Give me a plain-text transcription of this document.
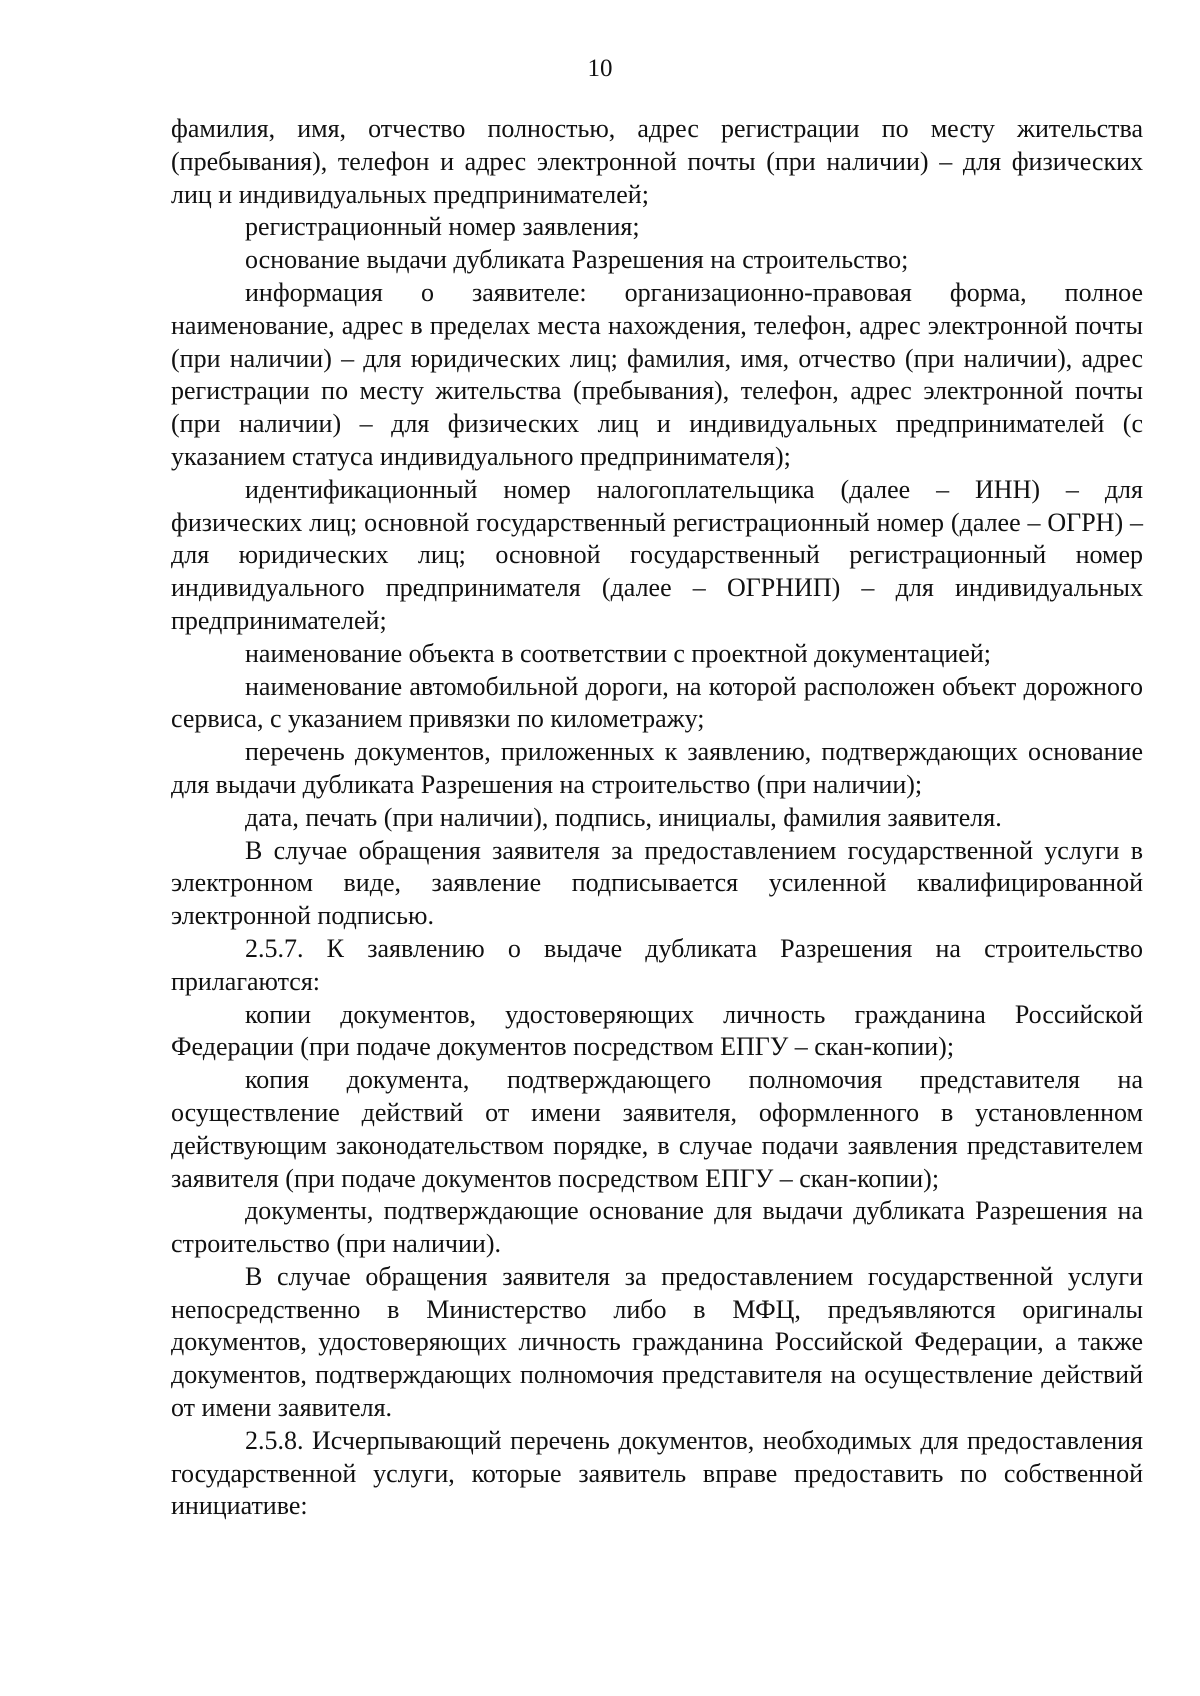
10

фамилия, имя, отчество полностью, адрес регистрации по месту жительства (пребывания), телефон и адрес электронной почты (при наличии) – для физических лиц и индивидуальных предпринимателей;

регистрационный номер заявления;

основание выдачи дубликата Разрешения на строительство;

информация о заявителе: организационно-правовая форма, полное наименование, адрес в пределах места нахождения, телефон, адрес электронной почты (при наличии) – для юридических лиц; фамилия, имя, отчество (при наличии), адрес регистрации по месту жительства (пребывания), телефон, адрес электронной почты (при наличии) – для физических лиц и индивидуальных предпринимателей (с указанием статуса индивидуального предпринимателя);

идентификационный номер налогоплательщика (далее – ИНН) – для физических лиц; основной государственный регистрационный номер (далее – ОГРН) – для юридических лиц; основной государственный регистрационный номер индивидуального предпринимателя (далее – ОГРНИП) – для индивидуальных предпринимателей;

наименование объекта в соответствии с проектной документацией;

наименование автомобильной дороги, на которой расположен объект дорожного сервиса, с указанием привязки по километражу;

перечень документов, приложенных к заявлению, подтверждающих основание для выдачи дубликата Разрешения на строительство (при наличии);

дата, печать (при наличии), подпись, инициалы, фамилия заявителя.

В случае обращения заявителя за предоставлением государственной услуги в электронном виде, заявление подписывается усиленной квалифицированной электронной подписью.

2.5.7. К заявлению о выдаче дубликата Разрешения на строительство прилагаются:

копии документов, удостоверяющих личность гражданина Российской Федерации (при подаче документов посредством ЕПГУ – скан-копии);

копия документа, подтверждающего полномочия представителя на осуществление действий от имени заявителя, оформленного в установленном действующим законодательством порядке, в случае подачи заявления представителем заявителя (при подаче документов посредством ЕПГУ – скан-копии);

документы, подтверждающие основание для выдачи дубликата Разрешения на строительство (при наличии).

В случае обращения заявителя за предоставлением государственной услуги непосредственно в Министерство либо в МФЦ, предъявляются оригиналы документов, удостоверяющих личность гражданина Российской Федерации, а также документов, подтверждающих полномочия представителя на осуществление действий от имени заявителя.

2.5.8. Исчерпывающий перечень документов, необходимых для предоставления государственной услуги, которые заявитель вправе предоставить по собственной инициативе:
